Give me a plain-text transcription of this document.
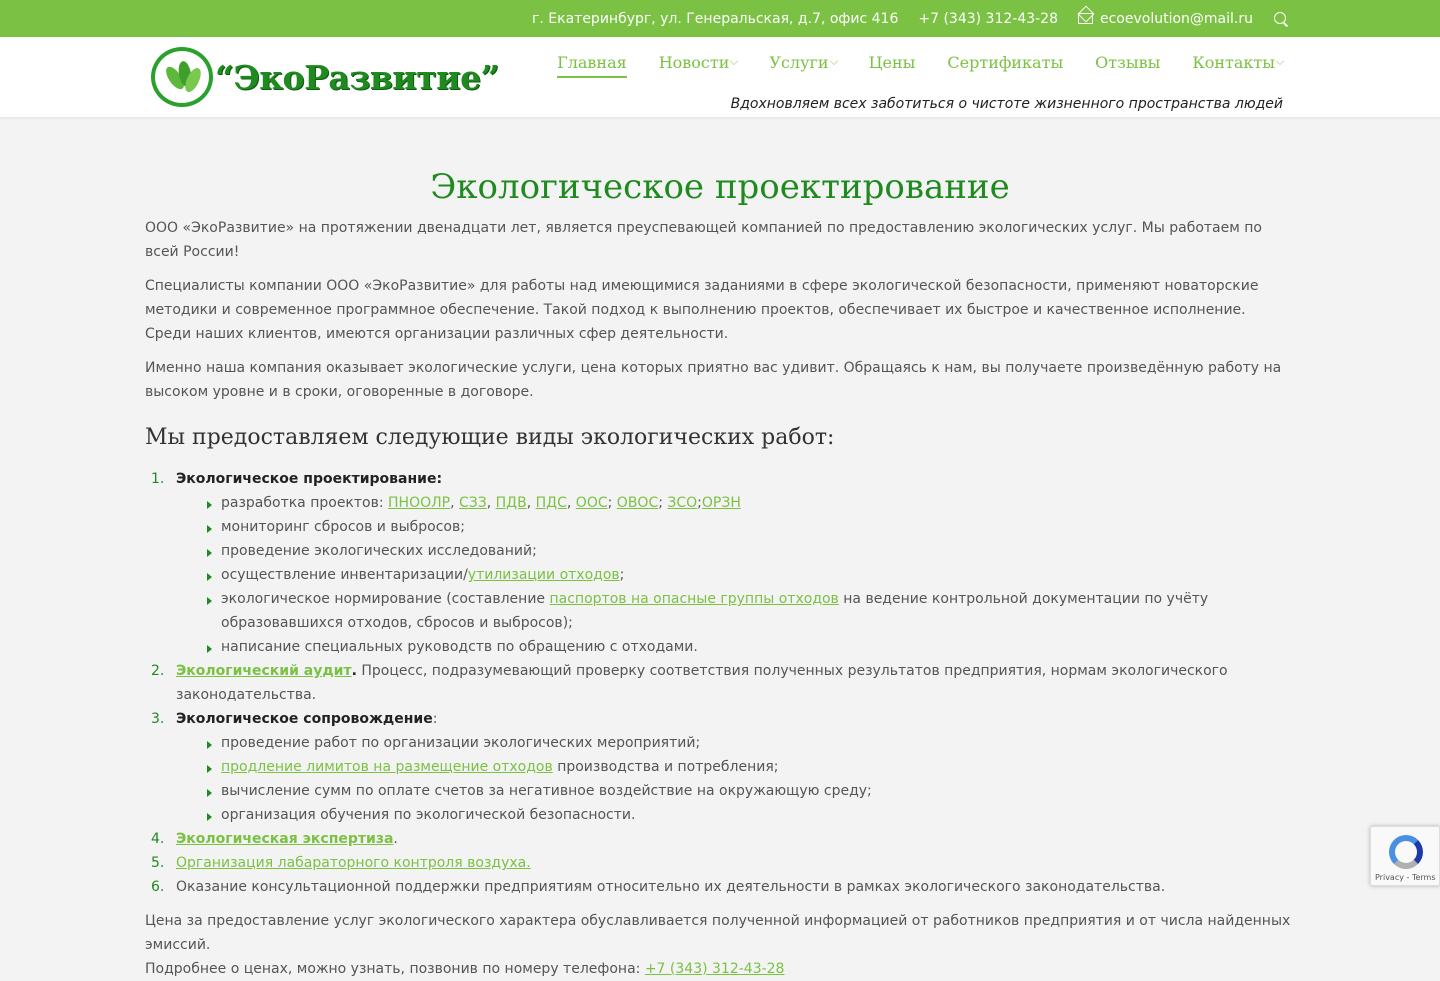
г. Екатеринбург, ул. Генеральская, д.7, офис 416 +7 (343) 312-43-28	ecoevolution@mail.ru
“ЭкоРазвитие”	Главная Новости	Услуги	Цены Сертификаты Отзывы Контакты
Вдохновляем всех заботиться о чистоте жизненного пространства людей
Экологическое проектирование

ООО «ЭкоРазвитие» на протяжении двенадцати лет, является преуспевающей компанией по предоставлению экологических услуг. Мы работаем по всей России!

Специалисты компании ООО «ЭкоРазвитие» для работы над имеющимися заданиями в сфере экологической безопасности, применяют новаторские методики и современное программное обеспечение. Такой подход к выполнению проектов, обеспечивает их быстрое и качественное исполнение. Среди наших клиентов, имеются организации различных сфер деятельности.

Именно наша компания оказывает экологические услуги, цена которых приятно вас удивит. Обращаясь к нам, вы получаете произведённую работу на высоком уровне и в сроки, оговоренные в договоре.

Мы предоставляем следующие виды экологических работ:
1. Экологическое проектирование:
разработка проектов: ПНООЛР, СЗЗ, ПДВ, ПДС, ООС; ОВОС; ЗСО;ОРЗН
мониторинг сбросов и выбросов;
проведение экологических исследований;
осуществление инвентаризации/утилизации отходов;
экологическое нормирование (составление паспортов на опасные группы отходов на ведение контрольной документации по учёту образовавшихся отходов, сбросов и выбросов);
написание специальных руководств по обращению с отходами.
2. Экологический аудит. Процесс, подразумевающий проверку соответствия полученных результатов предприятия, нормам экологического законодательства.
3. Экологическое сопровождение:
проведение работ по организации экологических мероприятий;
продление лимитов на размещение отходов производства и потребления;
вычисление сумм по оплате счетов за негативное воздействие на окружающую среду;
организация обучения по экологической безопасности.
4. Экологическая экспертиза.
5. Организация лабараторного контроля воздуха.
6. Оказание консультационной поддержки предприятиям относительно их деятельности в рамках экологического законодательства.

Цена за предоставление услуг экологического характера обуславливается полученной информацией от работников предприятия и от числа найденных эмиссий.
Подробнее о ценах, можно узнать, позвонив по номеру телефона: +7 (343) 312-43-28

Privacy - Terms
